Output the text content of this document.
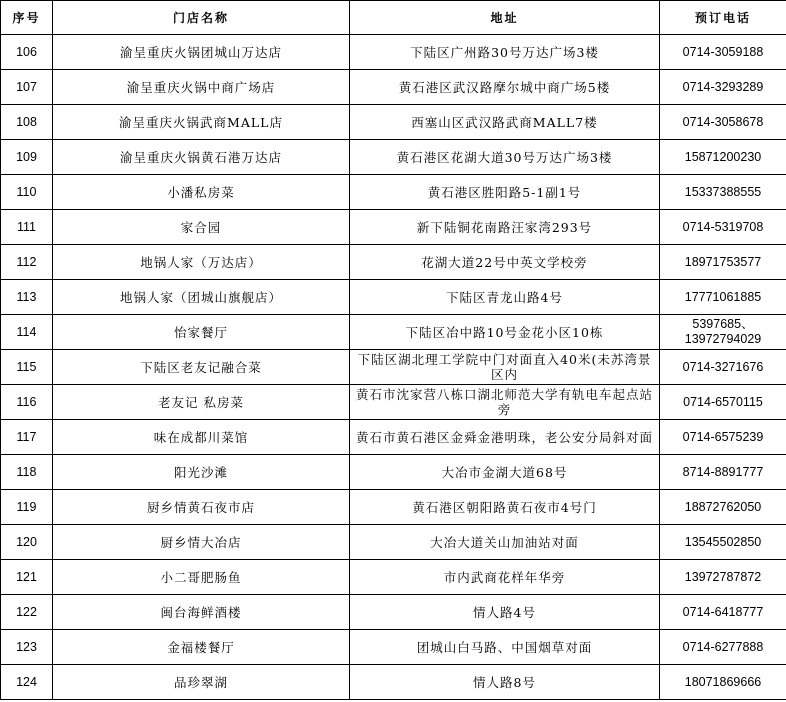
序号	门店名称	地址	预订电话
106	渝呈重庆火锅团城山万达店	下陆区广州路30号万达广场3楼	0714-3059188
107	渝呈重庆火锅中商广场店	黄石港区武汉路摩尔城中商广场5楼	0714-3293289
108	渝呈重庆火锅武商MALL店	西塞山区武汉路武商MALL7楼	0714-3058678
109	渝呈重庆火锅黄石港万达店	黄石港区花湖大道30号万达广场3楼	15871200230
110	小潘私房菜	黄石港区胜阳路5-1副1号	15337388555
111	家合园	新下陆铜花南路汪家湾293号	0714-5319708
112	地锅人家（万达店）	花湖大道22号中英文学校旁	18971753577
113	地锅人家（团城山旗舰店）	下陆区青龙山路4号	17771061885
114	怡家餐厅	下陆区冶中路10号金花小区10栋	5397685、13972794029
115	下陆区老友记融合菜	下陆区湖北理工学院中门对面直入40米(未苏湾景区内	0714-3271676
116	老友记 私房菜	黄石市沈家营八栋口湖北师范大学有轨电车起点站旁	0714-6570115
117	味在成都川菜馆	黄石市黄石港区金舜金港明珠，老公安分局斜对面	0714-6575239
118	阳光沙滩	大冶市金湖大道68号	8714-8891777
119	厨乡情黄石夜市店	黄石港区朝阳路黄石夜市4号门	18872762050
120	厨乡情大冶店	大冶大道关山加油站对面	13545502850
121	小二哥肥肠鱼	市内武商花样年华旁	13972787872
122	闽台海鲜酒楼	情人路4号	0714-6418777
123	金福楼餐厅	团城山白马路、中国烟草对面	0714-6277888
124	品珍翠湖	情人路8号	18071869666
